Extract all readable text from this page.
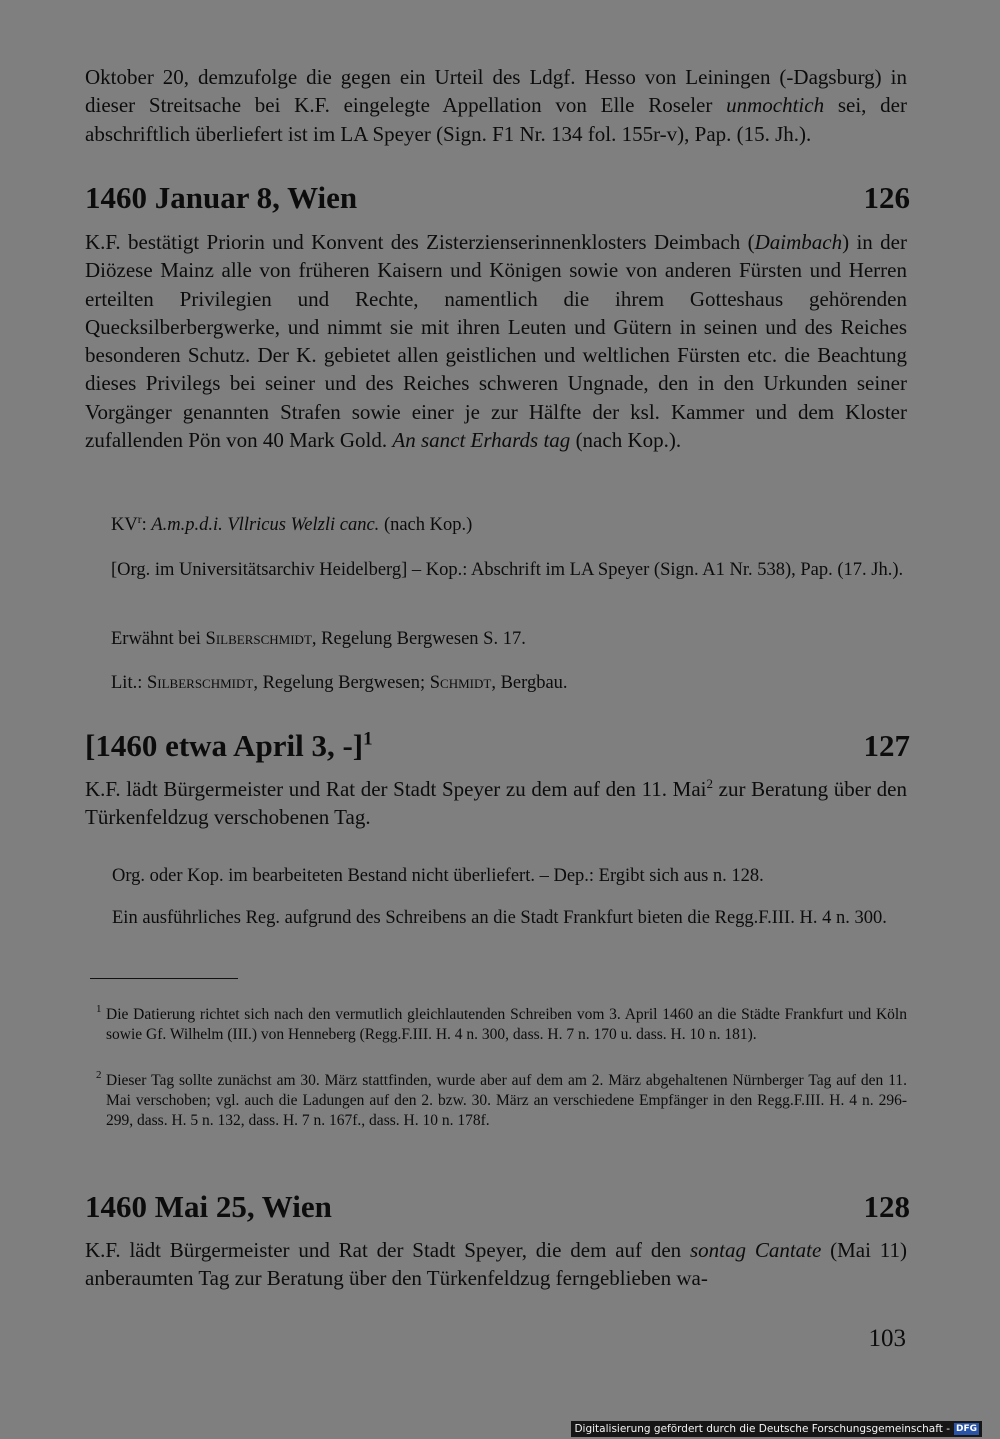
Oktober 20, demzufolge die gegen ein Urteil des Ldgf. Hesso von Leiningen (-Dagsburg) in dieser Streitsache bei K.F. eingelegte Appellation von Elle Roseler unmochtich sei, der abschriftlich überliefert ist im LA Speyer (Sign. F1 Nr. 134 fol. 155r-v), Pap. (15. Jh.).

1460 Januar 8, Wien	126

K.F. bestätigt Priorin und Konvent des Zisterzienserinnenklosters Deimbach (Daimbach) in der Diözese Mainz alle von früheren Kaisern und Königen sowie von anderen Fürsten und Herren erteilten Privilegien und Rechte, namentlich die ihrem Gotteshaus gehörenden Quecksilberbergwerke, und nimmt sie mit ihren Leuten und Gütern in seinen und des Reiches besonderen Schutz. Der K. gebietet allen geistlichen und weltlichen Fürsten etc. die Beachtung dieses Privilegs bei seiner und des Reiches schweren Ungnade, den in den Urkunden seiner Vorgänger genannten Strafen sowie einer je zur Hälfte der ksl. Kammer und dem Kloster zufallenden Pön von 40 Mark Gold. An sanct Erhards tag (nach Kop.).

$KV^r$: A.m.p.d.i. Vllricus Welzli canc. (nach Kop.)

[Org. im Universitätsarchiv Heidelberg] – Kop.: Abschrift im LA Speyer (Sign. A1 Nr. 538), Pap. (17. Jh.).

Erwähnt bei Silberschmidt, Regelung Bergwesen S. 17.

Lit.: Silberschmidt, Regelung Bergwesen; Schmidt, Bergbau.

[1460 etwa April 3, -]$^1$	127

K.F. lädt Bürgermeister und Rat der Stadt Speyer zu dem auf den 11. Mai$^2$ zur Beratung über den Türkenfeldzug verschobenen Tag.

Org. oder Kop. im bearbeiteten Bestand nicht überliefert. – Dep.: Ergibt sich aus n. 128.

Ein ausführliches Reg. aufgrund des Schreibens an die Stadt Frankfurt bieten die Regg.F.III. H. 4 n. 300.

1 Die Datierung richtet sich nach den vermutlich gleichlautenden Schreiben vom 3. April 1460 an die Städte Frankfurt und Köln sowie Gf. Wilhelm (III.) von Henneberg (Regg.F.III. H. 4 n. 300, dass. H. 7 n. 170 u. dass. H. 10 n. 181).

2 Dieser Tag sollte zunächst am 30. März stattfinden, wurde aber auf dem am 2. März abgehaltenen Nürnberger Tag auf den 11. Mai verschoben; vgl. auch die Ladungen auf den 2. bzw. 30. März an verschiedene Empfänger in den Regg.F.III. H. 4 n. 296-299, dass. H. 5 n. 132, dass. H. 7 n. 167f., dass. H. 10 n. 178f.

1460 Mai 25, Wien	128

K.F. lädt Bürgermeister und Rat der Stadt Speyer, die dem auf den sontag Cantate (Mai 11) anberaumten Tag zur Beratung über den Türkenfeldzug ferngeblieben wa-

103
Digitalisierung gefördert durch die Deutsche Forschungsgemeinschaft - DFG
